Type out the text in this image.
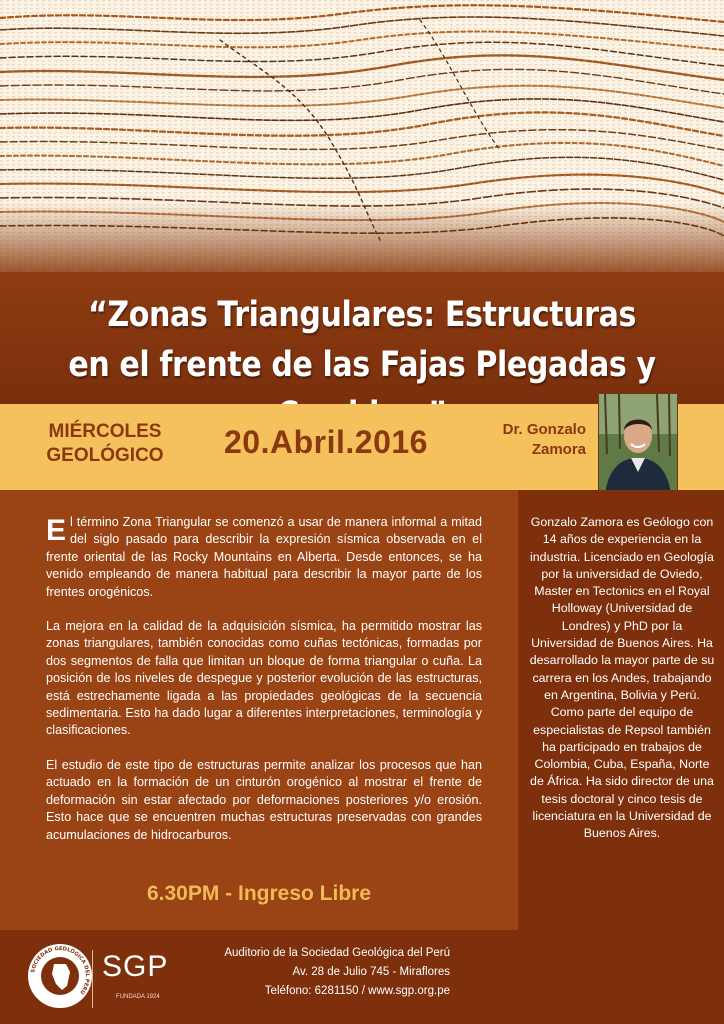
“Zonas Triangulares: Estructuras en el frente de las Fajas Plegadas y
MIÉRCOLES GEOLÓGICO	20.Abril.2016	Dr. Gonzalo Zamora

El término Zona Triangular se comenzó a usar de manera informal a mitad del siglo pasado para describir la expresión sísmica observada en el frente oriental de las Rocky Mountains en Alberta. Desde entonces, se ha venido empleando de manera habitual para describir la mayor parte de los frentes orogénicos.

La mejora en la calidad de la adquisición sísmica, ha permitido mostrar las zonas triangulares, también conocidas como cuñas tectónicas, formadas por dos segmentos de falla que limitan un bloque de forma triangular o cuña. La posición de los niveles de despegue y posterior evolución de las estructuras, está estrechamente ligada a las propiedades geológicas de la secuencia sedimentaria. Esto ha dado lugar a diferentes interpretaciones, terminología y clasificaciones.

El estudio de este tipo de estructuras permite analizar los procesos que han actuado en la formación de un cinturón orogénico al mostrar el frente de deformación sin estar afectado por deformaciones posteriores y/o erosión. Esto hace que se encuentren muchas estructuras preservadas con grandes acumulaciones de hidrocarburos.

6.30PM - Ingreso Libre

Gonzalo Zamora es Geólogo con 14 años de experiencia en la industria. Licenciado en Geología por la universidad de Oviedo, Master en Tectonics en el Royal Holloway (Universidad de Londres) y PhD por la Universidad de Buenos Aires. Ha desarrollado la mayor parte de su carrera en los Andes, trabajando en Argentina, Bolivia y Perú. Como parte del equipo de especialistas de Repsol también ha participado en trabajos de Colombia, Cuba, España, Norte de África. Ha sido director de una tesis doctoral y cinco tesis de licenciatura en la Universidad de Buenos Aires.

SOCIEDAD GEOLÓGICA DEL PERÚ
SGP
FUNDADA 1924
Auditorio de la Sociedad Geológica del Perú
Av. 28 de Julio 745 - Miraflores
Teléfono: 6281150 / www.sgp.org.pe
